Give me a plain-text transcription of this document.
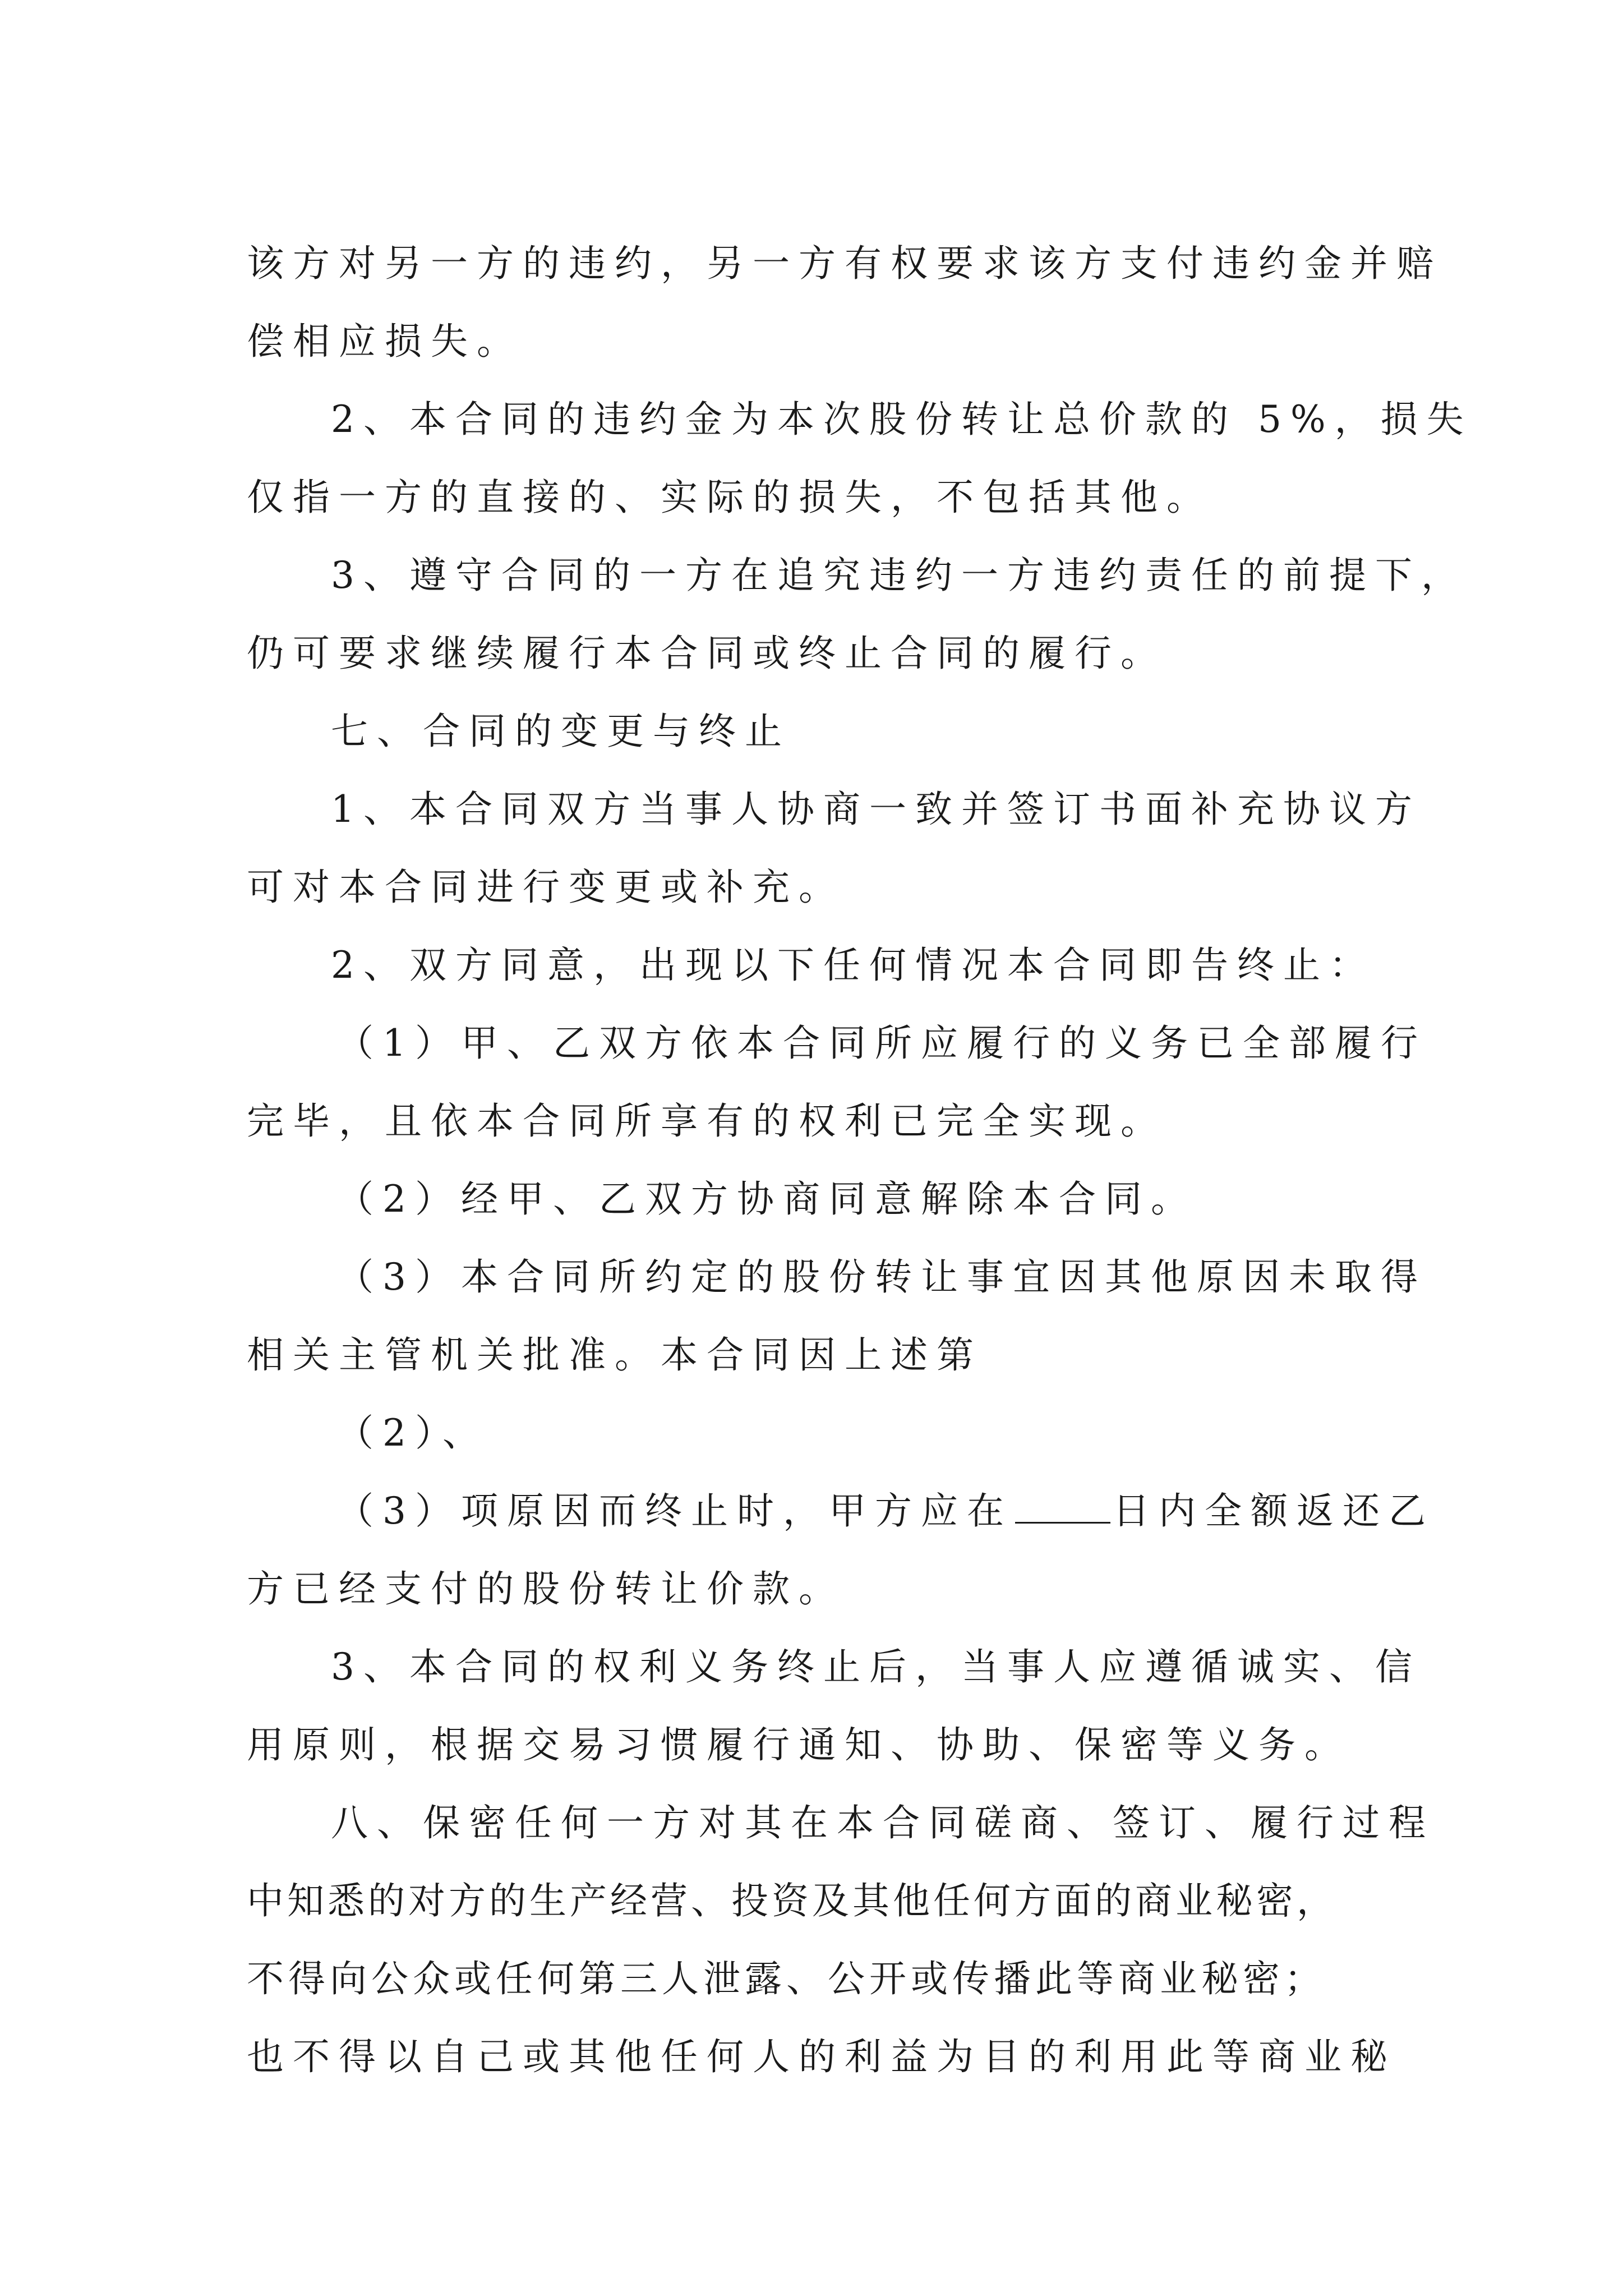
该方对另一方的违约，另一方有权要求该方支付违约金并赔
偿相应损失。
2、本合同的违约金为本次股份转让总价款的 5%，损失
仅指一方的直接的、实际的损失，不包括其他。
3、遵守合同的一方在追究违约一方违约责任的前提下，
仍可要求继续履行本合同或终止合同的履行。
七、合同的变更与终止
1、本合同双方当事人协商一致并签订书面补充协议方
可对本合同进行变更或补充。
2、双方同意，出现以下任何情况本合同即告终止：
（1）甲、乙双方依本合同所应履行的义务已全部履行
完毕，且依本合同所享有的权利已完全实现。
（2）经甲、乙双方协商同意解除本合同。
（3）本合同所约定的股份转让事宜因其他原因未取得
相关主管机关批准。本合同因上述第
（2）、
（3）项原因而终止时，甲方应在	日内全额返还乙
方已经支付的股份转让价款。
3、本合同的权利义务终止后，当事人应遵循诚实、信
用原则，根据交易习惯履行通知、协助、保密等义务。
八、保密任何一方对其在本合同磋商、签订、履行过程
中知悉的对方的生产经营、投资及其他任何方面的商业秘密，
不得向公众或任何第三人泄露、公开或传播此等商业秘密；
也不得以自己或其他任何人的利益为目的利用此等商业秘
